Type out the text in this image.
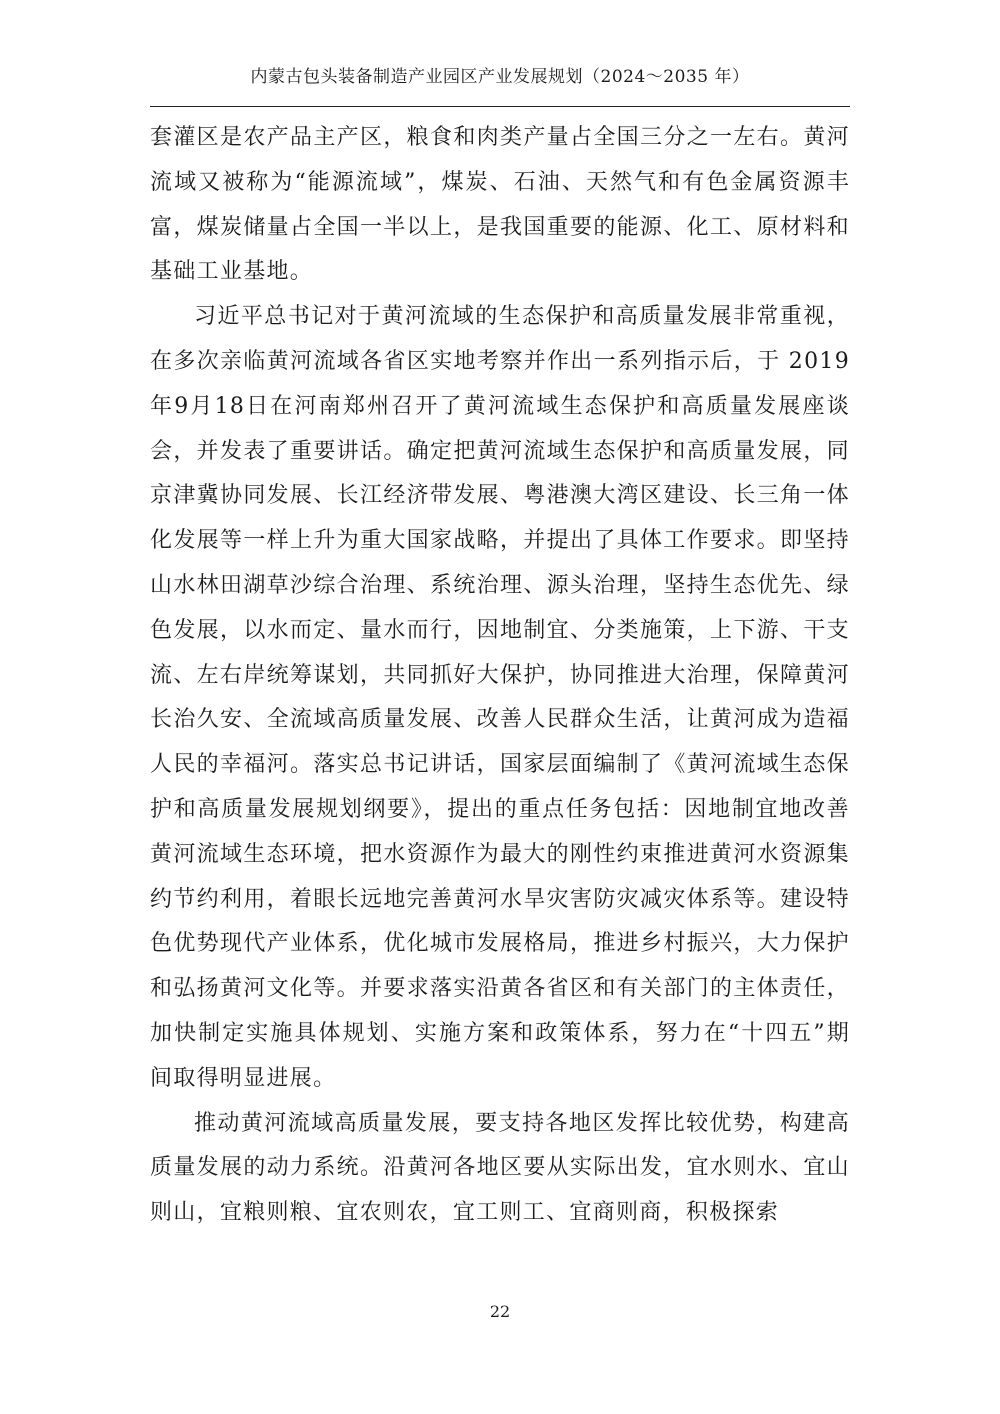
内蒙古包头装备制造产业园区产业发展规划（2024～2035 年）

套灌区是农产品主产区，粮食和肉类产量占全国三分之一左右。黄河流域又被称为“能源流域”，煤炭、石油、天然气和有色金属资源丰富，煤炭储量占全国一半以上，是我国重要的能源、化工、原材料和基础工业基地。

习近平总书记对于黄河流域的生态保护和高质量发展非常重视，在多次亲临黄河流域各省区实地考察并作出一系列指示后，于 2019年9月18日在河南郑州召开了黄河流域生态保护和高质量发展座谈会，并发表了重要讲话。确定把黄河流域生态保护和高质量发展，同京津冀协同发展、长江经济带发展、粤港澳大湾区建设、长三角一体化发展等一样上升为重大国家战略，并提出了具体工作要求。即坚持山水林田湖草沙综合治理、系统治理、源头治理，坚持生态优先、绿色发展，以水而定、量水而行，因地制宜、分类施策，上下游、干支流、左右岸统筹谋划，共同抓好大保护，协同推进大治理，保障黄河长治久安、全流域高质量发展、改善人民群众生活，让黄河成为造福人民的幸福河。落实总书记讲话，国家层面编制了《黄河流域生态保护和高质量发展规划纲要》，提出的重点任务包括：因地制宜地改善黄河流域生态环境，把水资源作为最大的刚性约束推进黄河水资源集约节约利用，着眼长远地完善黄河水旱灾害防灾减灾体系等。建设特色优势现代产业体系，优化城市发展格局，推进乡村振兴，大力保护和弘扬黄河文化等。并要求落实沿黄各省区和有关部门的主体责任，加快制定实施具体规划、实施方案和政策体系，努力在“十四五”期间取得明显进展。

推动黄河流域高质量发展，要支持各地区发挥比较优势，构建高质量发展的动力系统。沿黄河各地区要从实际出发，宜水则水、宜山则山，宜粮则粮、宜农则农，宜工则工、宜商则商，积极探索

22
